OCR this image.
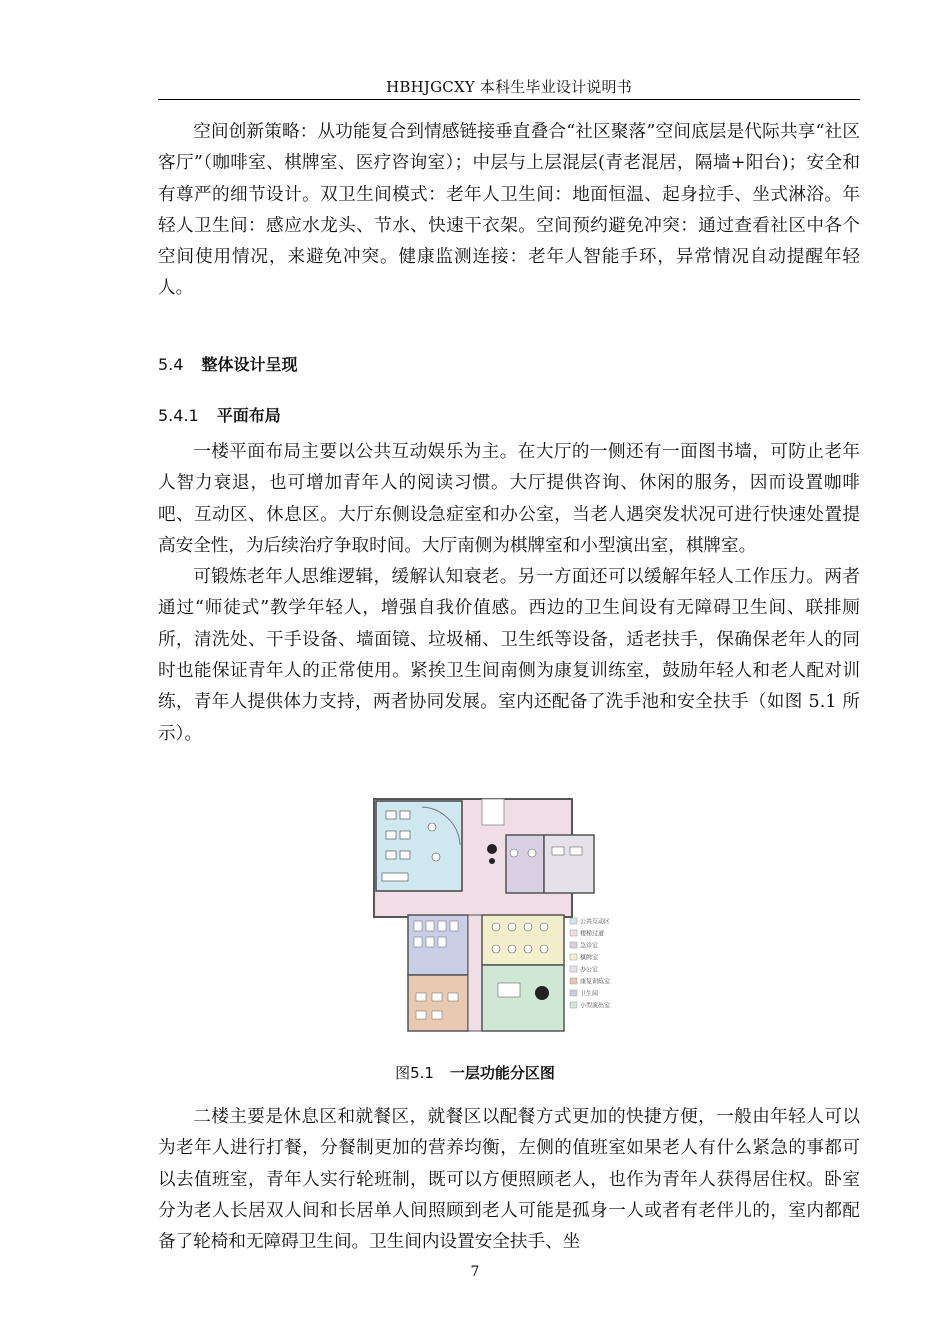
HBHJGCXY 本科生毕业设计说明书

空间创新策略：从功能复合到情感链接垂直叠合“社区聚落”空间底层是代际共享“社区客厅”（咖啡室、棋牌室、医疗咨询室）；中层与上层混层(青老混居，隔墙+阳台)；安全和有尊严的细节设计。双卫生间模式：老年人卫生间：地面恒温、起身拉手、坐式淋浴。年轻人卫生间：感应水龙头、节水、快速干衣架。空间预约避免冲突：通过查看社区中各个空间使用情况，来避免冲突。健康监测连接：老年人智能手环，异常情况自动提醒年轻人。

5.4 整体设计呈现
5.4.1 平面布局

一楼平面布局主要以公共互动娱乐为主。在大厅的一侧还有一面图书墙，可防止老年人智力衰退，也可增加青年人的阅读习惯。大厅提供咨询、休闲的服务，因而设置咖啡吧、互动区、休息区。大厅东侧设急症室和办公室，当老人遇突发状况可进行快速处置提高安全性，为后续治疗争取时间。大厅南侧为棋牌室和小型演出室，棋牌室。

可锻炼老年人思维逻辑，缓解认知衰老。另一方面还可以缓解年轻人工作压力。两者通过“师徒式”教学年轻人，增强自我价值感。西边的卫生间设有无障碍卫生间、联排厕所，清洗处、干手设备、墙面镜、垃圾桶、卫生纸等设备，适老扶手，保确保老年人的同时也能保证青年人的正常使用。紧挨卫生间南侧为康复训练室，鼓励年轻人和老人配对训练，青年人提供体力支持，两者协同发展。室内还配备了洗手池和安全扶手（如图 5.1 所示）。

公共互动区
楼梯过道
急诊室
棋牌室
办公室
康复训练室
卫生间
小型演出室
图5.1 一层功能分区图

二楼主要是休息区和就餐区，就餐区以配餐方式更加的快捷方便，一般由年轻人可以为老年人进行打餐，分餐制更加的营养均衡，左侧的值班室如果老人有什么紧急的事都可以去值班室，青年人实行轮班制，既可以方便照顾老人，也作为青年人获得居住权。卧室分为老人长居双人间和长居单人间照顾到老人可能是孤身一人或者有老伴儿的，室内都配备了轮椅和无障碍卫生间。卫生间内设置安全扶手、坐

7
